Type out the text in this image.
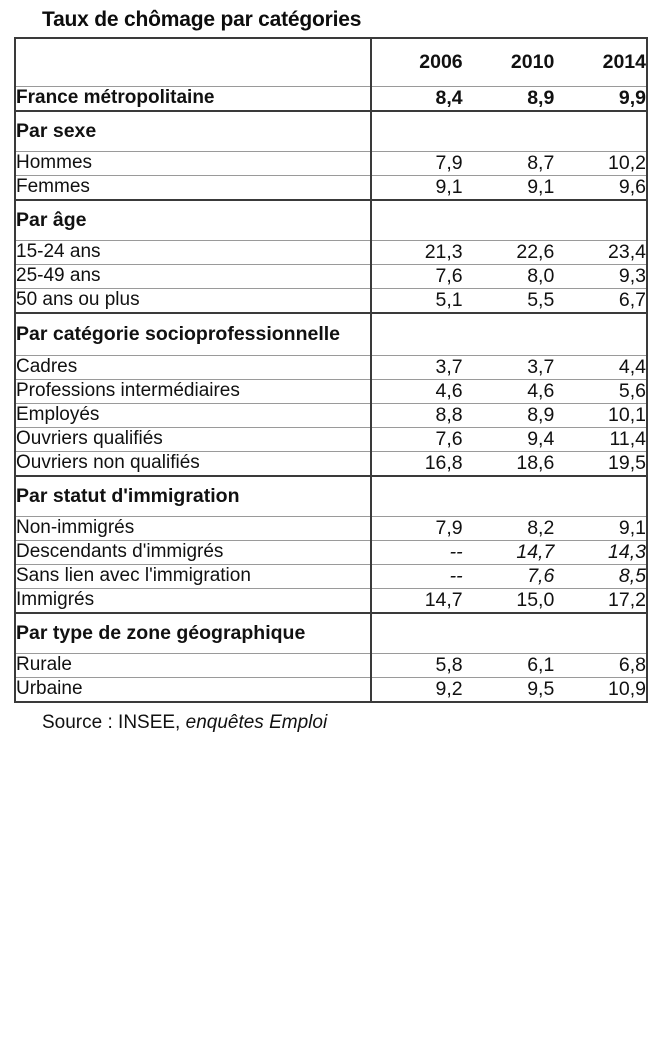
Taux de chômage par catégories
	2006	2010	2014
France métropolitaine	8,4	8,9	9,9
Par sexe			
Hommes	7,9	8,7	10,2
Femmes	9,1	9,1	9,6
Par âge			
15-24 ans	21,3	22,6	23,4
25-49 ans	7,6	8,0	9,3
50 ans ou plus	5,1	5,5	6,7
Par catégorie socioprofessionnelle			
Cadres	3,7	3,7	4,4
Professions intermédiaires	4,6	4,6	5,6
Employés	8,8	8,9	10,1
Ouvriers qualifiés	7,6	9,4	11,4
Ouvriers non qualifiés	16,8	18,6	19,5
Par statut d'immigration			
Non-immigrés	7,9	8,2	9,1
Descendants d'immigrés	--	14,7	14,3
Sans lien avec l'immigration	--	7,6	8,5
Immigrés	14,7	15,0	17,2
Par type de zone géographique			
Rurale	5,8	6,1	6,8
Urbaine	9,2	9,5	10,9
Source : INSEE, enquêtes Emploi
